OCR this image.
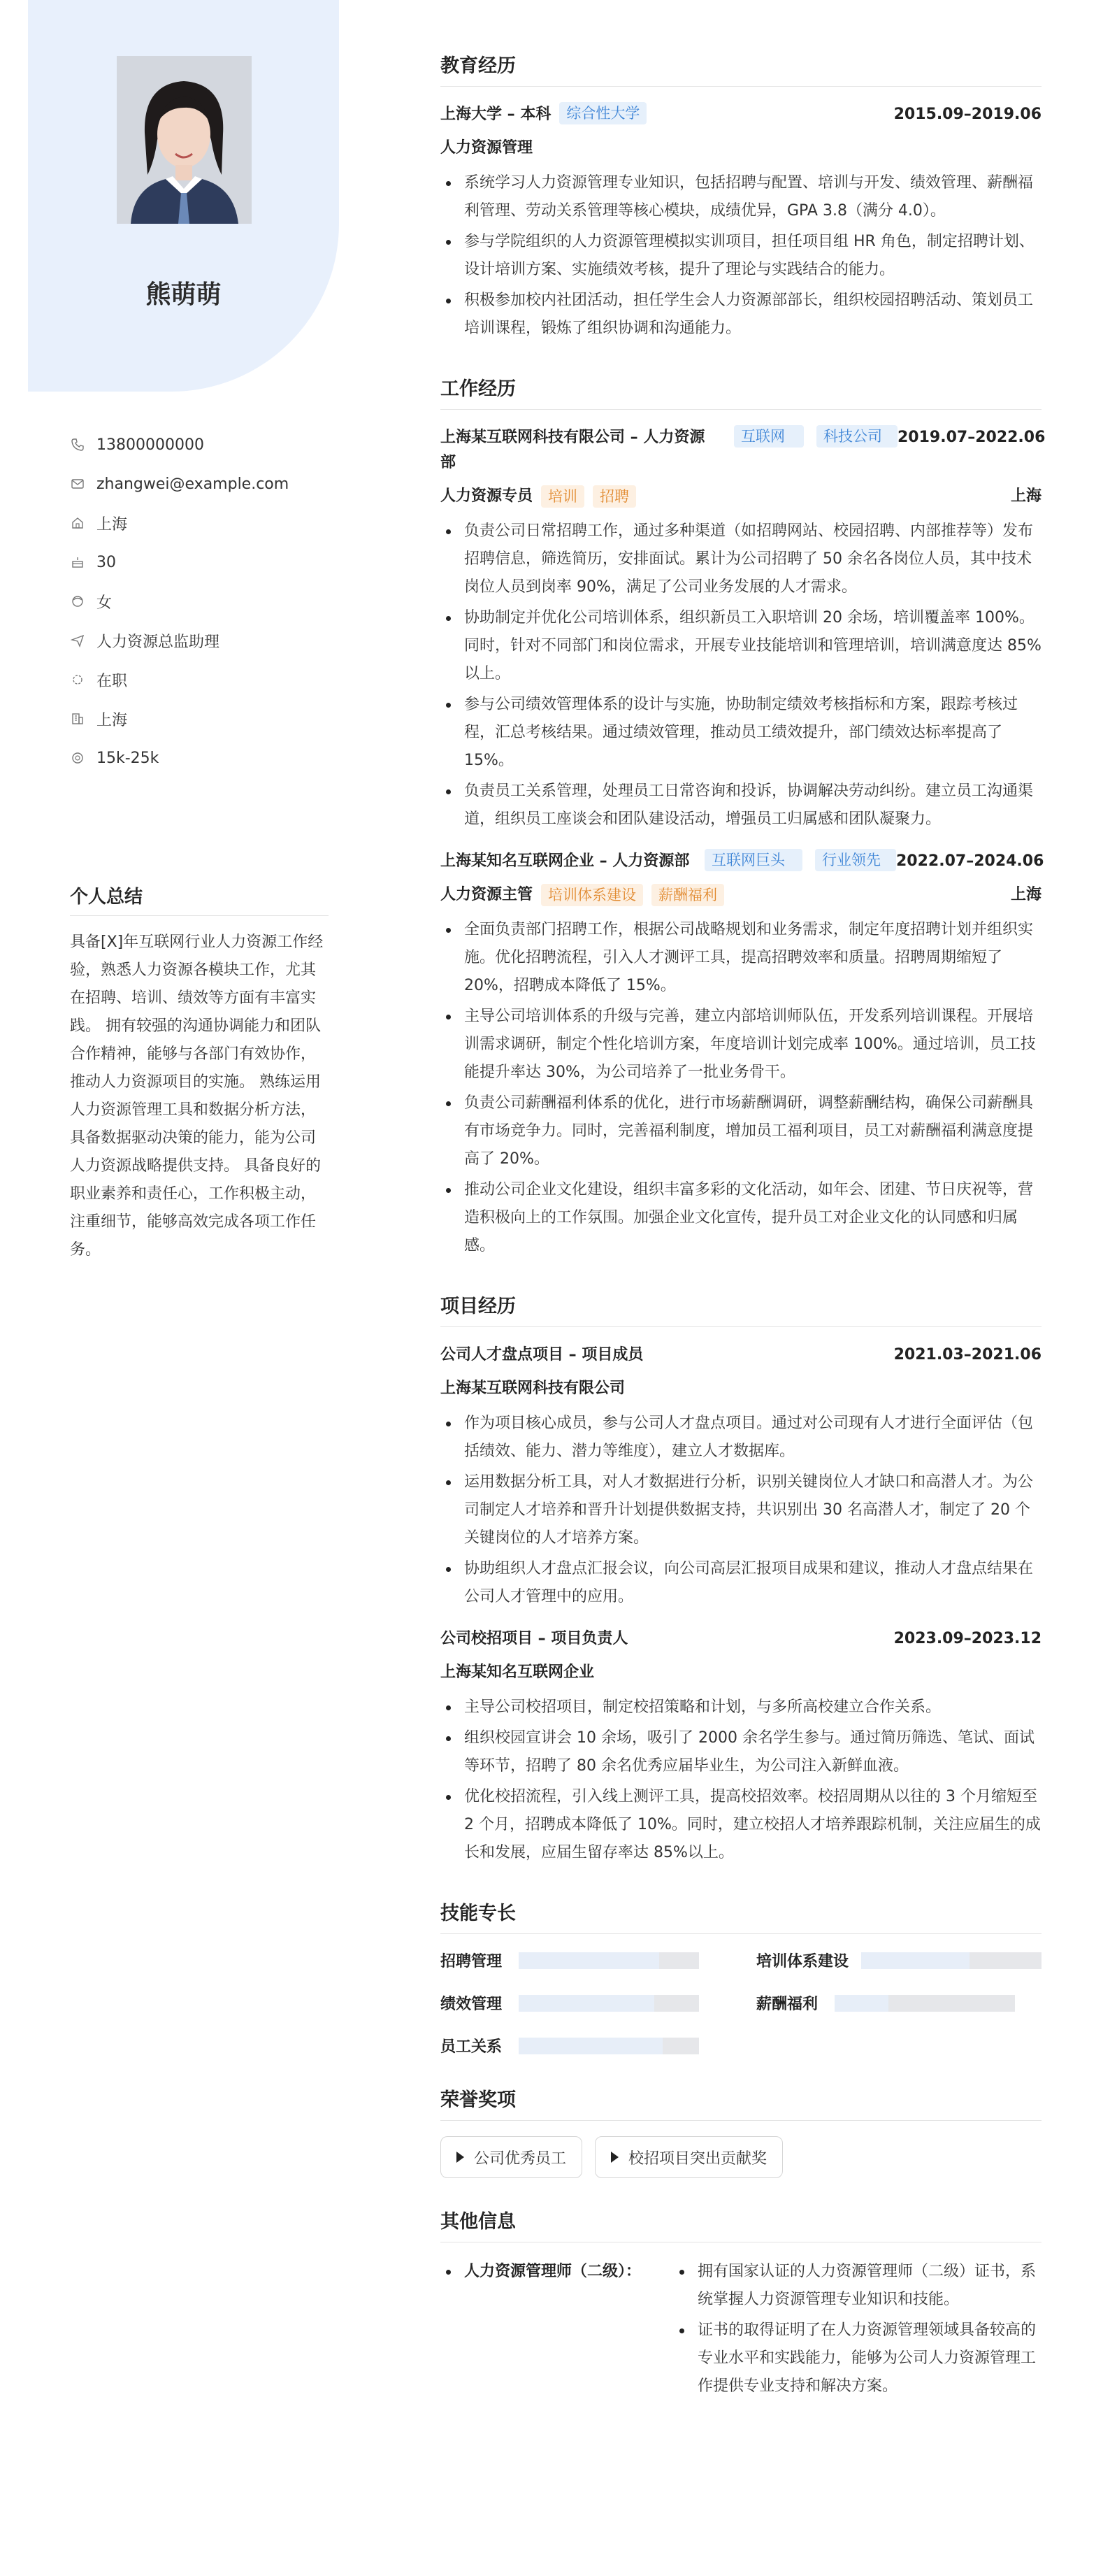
熊萌萌
13800000000
zhangwei@example.com
上海
30
女
人力资源总监助理
在职
上海
15k-25k
个人总结

具备[X]年互联网行业人力资源工作经验，熟悉人力资源各模块工作，尤其在招聘、培训、绩效等方面有丰富实践。 拥有较强的沟通协调能力和团队合作精神，能够与各部门有效协作，推动人力资源项目的实施。 熟练运用人力资源管理工具和数据分析方法，具备数据驱动决策的能力，能为公司人力资源战略提供支持。 具备良好的职业素养和责任心，工作积极主动，注重细节，能够高效完成各项工作任务。

教育经历
上海大学 – 本科	综合性大学	2015.09–2019.06
人力资源管理
系统学习人力资源管理专业知识，包括招聘与配置、培训与开发、绩效管理、薪酬福利管理、劳动关系管理等核心模块，成绩优异，GPA 3.8（满分 4.0）。
参与学院组织的人力资源管理模拟实训项目，担任项目组 HR 角色，制定招聘计划、设计培训方案、实施绩效考核，提升了理论与实践结合的能力。
积极参加校内社团活动，担任学生会人力资源部部长，组织校园招聘活动、策划员工培训课程，锻炼了组织协调和沟通能力。
工作经历
上海某互联网科技有限公司 – 人力资源部
互联网	科技公司	2019.07–2022.06
人力资源专员	培训	招聘	上海
负责公司日常招聘工作，通过多种渠道（如招聘网站、校园招聘、内部推荐等）发布招聘信息，筛选简历，安排面试。累计为公司招聘了 50 余名各岗位人员，其中技术岗位人员到岗率 90%，满足了公司业务发展的人才需求。
协助制定并优化公司培训体系，组织新员工入职培训 20 余场，培训覆盖率 100%。同时，针对不同部门和岗位需求，开展专业技能培训和管理培训，培训满意度达 85%以上。
参与公司绩效管理体系的设计与实施，协助制定绩效考核指标和方案，跟踪考核过程，汇总考核结果。通过绩效管理，推动员工绩效提升，部门绩效达标率提高了 15%。
负责员工关系管理，处理员工日常咨询和投诉，协调解决劳动纠纷。建立员工沟通渠道，组织员工座谈会和团队建设活动，增强员工归属感和团队凝聚力。
上海某知名互联网企业 – 人力资源部	互联网巨头	行业领先	2022.07–2024.06
人力资源主管	培训体系建设	薪酬福利	上海
全面负责部门招聘工作，根据公司战略规划和业务需求，制定年度招聘计划并组织实施。优化招聘流程，引入人才测评工具，提高招聘效率和质量。招聘周期缩短了 20%，招聘成本降低了 15%。
主导公司培训体系的升级与完善，建立内部培训师队伍，开发系列培训课程。开展培训需求调研，制定个性化培训方案，年度培训计划完成率 100%。通过培训，员工技能提升率达 30%，为公司培养了一批业务骨干。
负责公司薪酬福利体系的优化，进行市场薪酬调研，调整薪酬结构，确保公司薪酬具有市场竞争力。同时，完善福利制度，增加员工福利项目，员工对薪酬福利满意度提高了 20%。
推动公司企业文化建设，组织丰富多彩的文化活动，如年会、团建、节日庆祝等，营造积极向上的工作氛围。加强企业文化宣传，提升员工对企业文化的认同感和归属感。
项目经历
公司人才盘点项目 – 项目成员	2021.03–2021.06
上海某互联网科技有限公司
作为项目核心成员，参与公司人才盘点项目。通过对公司现有人才进行全面评估（包括绩效、能力、潜力等维度），建立人才数据库。
运用数据分析工具，对人才数据进行分析，识别关键岗位人才缺口和高潜人才。为公司制定人才培养和晋升计划提供数据支持，共识别出 30 名高潜人才，制定了 20 个关键岗位的人才培养方案。
协助组织人才盘点汇报会议，向公司高层汇报项目成果和建议，推动人才盘点结果在公司人才管理中的应用。
公司校招项目 – 项目负责人	2023.09–2023.12
上海某知名互联网企业
主导公司校招项目，制定校招策略和计划，与多所高校建立合作关系。
组织校园宣讲会 10 余场，吸引了 2000 余名学生参与。通过简历筛选、笔试、面试等环节，招聘了 80 余名优秀应届毕业生，为公司注入新鲜血液。
优化校招流程，引入线上测评工具，提高校招效率。校招周期从以往的 3 个月缩短至 2 个月，招聘成本降低了 10%。同时，建立校招人才培养跟踪机制，关注应届生的成长和发展，应届生留存率达 85%以上。
技能专长
招聘管理	培训体系建设
绩效管理	薪酬福利
员工关系
荣誉奖项
公司优秀员工	校招项目突出贡献奖
其他信息
人力资源管理师（二级）：	拥有国家认证的人力资源管理师（二级）证书，系统掌握人力资源管理专业知识和技能。
证书的取得证明了在人力资源管理领域具备较高的专业水平和实践能力，能够为公司人力资源管理工作提供专业支持和解决方案。
